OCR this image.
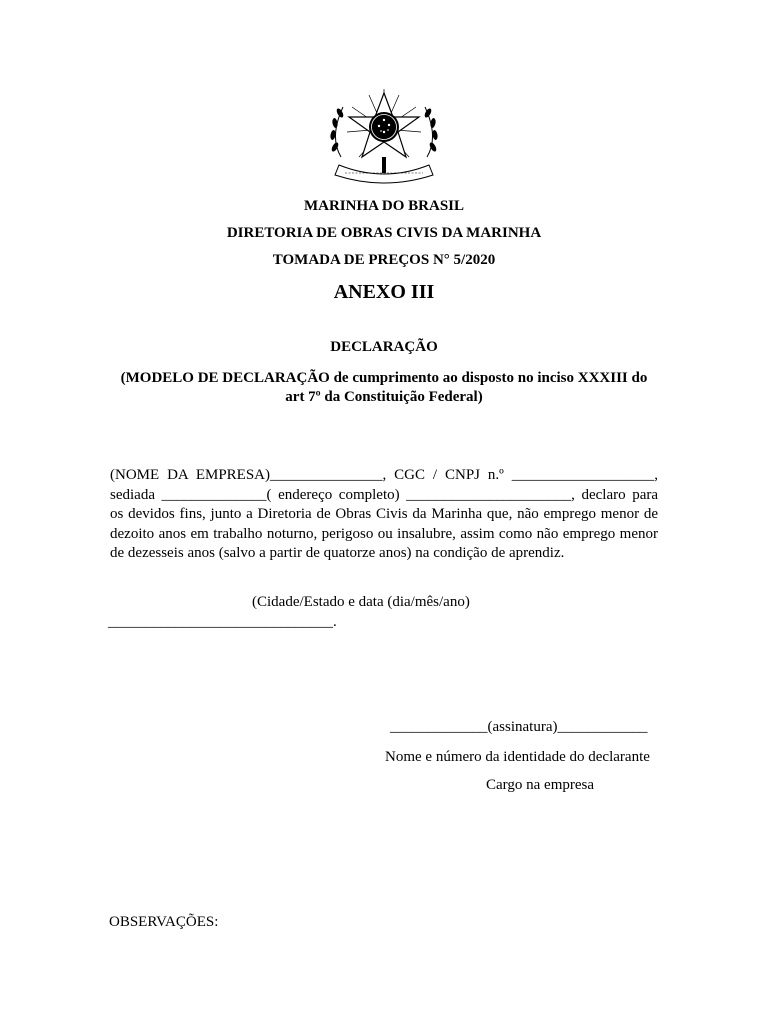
MARINHA DO BRASIL
DIRETORIA DE OBRAS CIVIS DA MARINHA
TOMADA DE PREÇOS N° 5/2020
ANEXO III
DECLARAÇÃO
(MODELO DE DECLARAÇÃO de cumprimento ao disposto no inciso XXXIII do
art 7º da Constituição Federal)
(NOME DA EMPRESA)_______________, CGC / CNPJ n.º ___________________, sediada ______________( endereço completo) ______________________, declaro para os devidos fins, junto a Diretoria de Obras Civis da Marinha que, não emprego menor de dezoito anos em trabalho noturno, perigoso ou insalubre, assim como não emprego menor de dezesseis anos (salvo a partir de quatorze anos) na condição de aprendiz.
(Cidade/Estado e data (dia/mês/ano)
______________________________.
_____________(assinatura)____________
Nome e número da identidade do declarante
Cargo na empresa
OBSERVAÇÕES:
